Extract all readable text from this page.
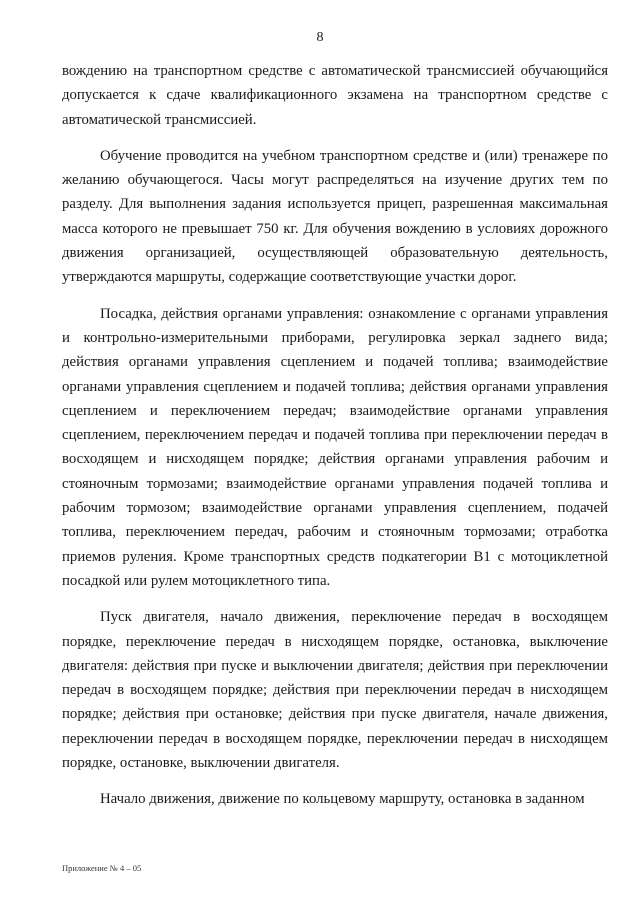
8

вождению на транспортном средстве с автоматической трансмиссией обучающийся допускается к сдаче квалификационного экзамена на транспортном средстве с автоматической трансмиссией.

Обучение проводится на учебном транспортном средстве и (или) тренажере по желанию обучающегося. Часы могут распределяться на изучение других тем по разделу. Для выполнения задания используется прицеп, разрешенная максимальная масса которого не превышает 750 кг. Для обучения вождению в условиях дорожного движения организацией, осуществляющей образовательную деятельность, утверждаются маршруты, содержащие соответствующие участки дорог.

Посадка, действия органами управления: ознакомление с органами управления и контрольно-измерительными приборами, регулировка зеркал заднего вида; действия органами управления сцеплением и подачей топлива; взаимодействие органами управления сцеплением и подачей топлива; действия органами управления сцеплением и переключением передач; взаимодействие органами управления сцеплением, переключением передач и подачей топлива при переключении передач в восходящем и нисходящем порядке; действия органами управления рабочим и стояночным тормозами; взаимодействие органами управления подачей топлива и рабочим тормозом; взаимодействие органами управления сцеплением, подачей топлива, переключением передач, рабочим и стояночным тормозами; отработка приемов руления. Кроме транспортных средств подкатегории В1 с мотоциклетной посадкой или рулем мотоциклетного типа.

Пуск двигателя, начало движения, переключение передач в восходящем порядке, переключение передач в нисходящем порядке, остановка, выключение двигателя: действия при пуске и выключении двигателя; действия при переключении передач в восходящем порядке; действия при переключении передач в нисходящем порядке; действия при остановке; действия при пуске двигателя, начале движения, переключении передач в восходящем порядке, переключении передач в нисходящем порядке, остановке, выключении двигателя.

Начало движения, движение по кольцевому маршруту, остановка в заданном

Приложение № 4 – 05
